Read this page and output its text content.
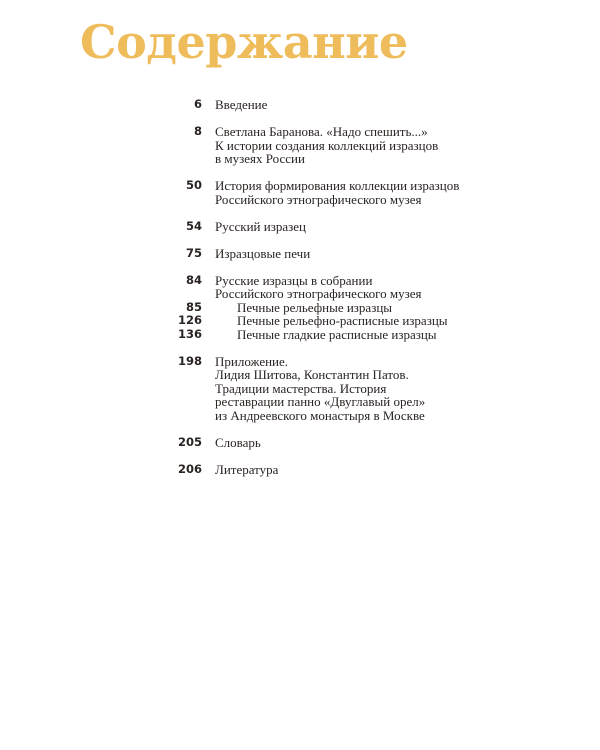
Содержание
6 Введение
8 Светлана Баранова. «Надо спешить...»
К истории создания коллекций изразцов
в музеях России
50 История формирования коллекции изразцов
Российского этнографического музея
54 Русский изразец
75 Изразцовые печи
84 Русские изразцы в собрании
Российского этнографического музея
85	Печные рельефные изразцы
126	Печные рельефно-расписные изразцы
136	Печные гладкие расписные изразцы
198 Приложение.
Лидия Шитова, Константин Патов.
Традиции мастерства. История
реставрации панно «Двуглавый орел»
из Андреевского монастыря в Москве
205 Словарь
206 Литература
